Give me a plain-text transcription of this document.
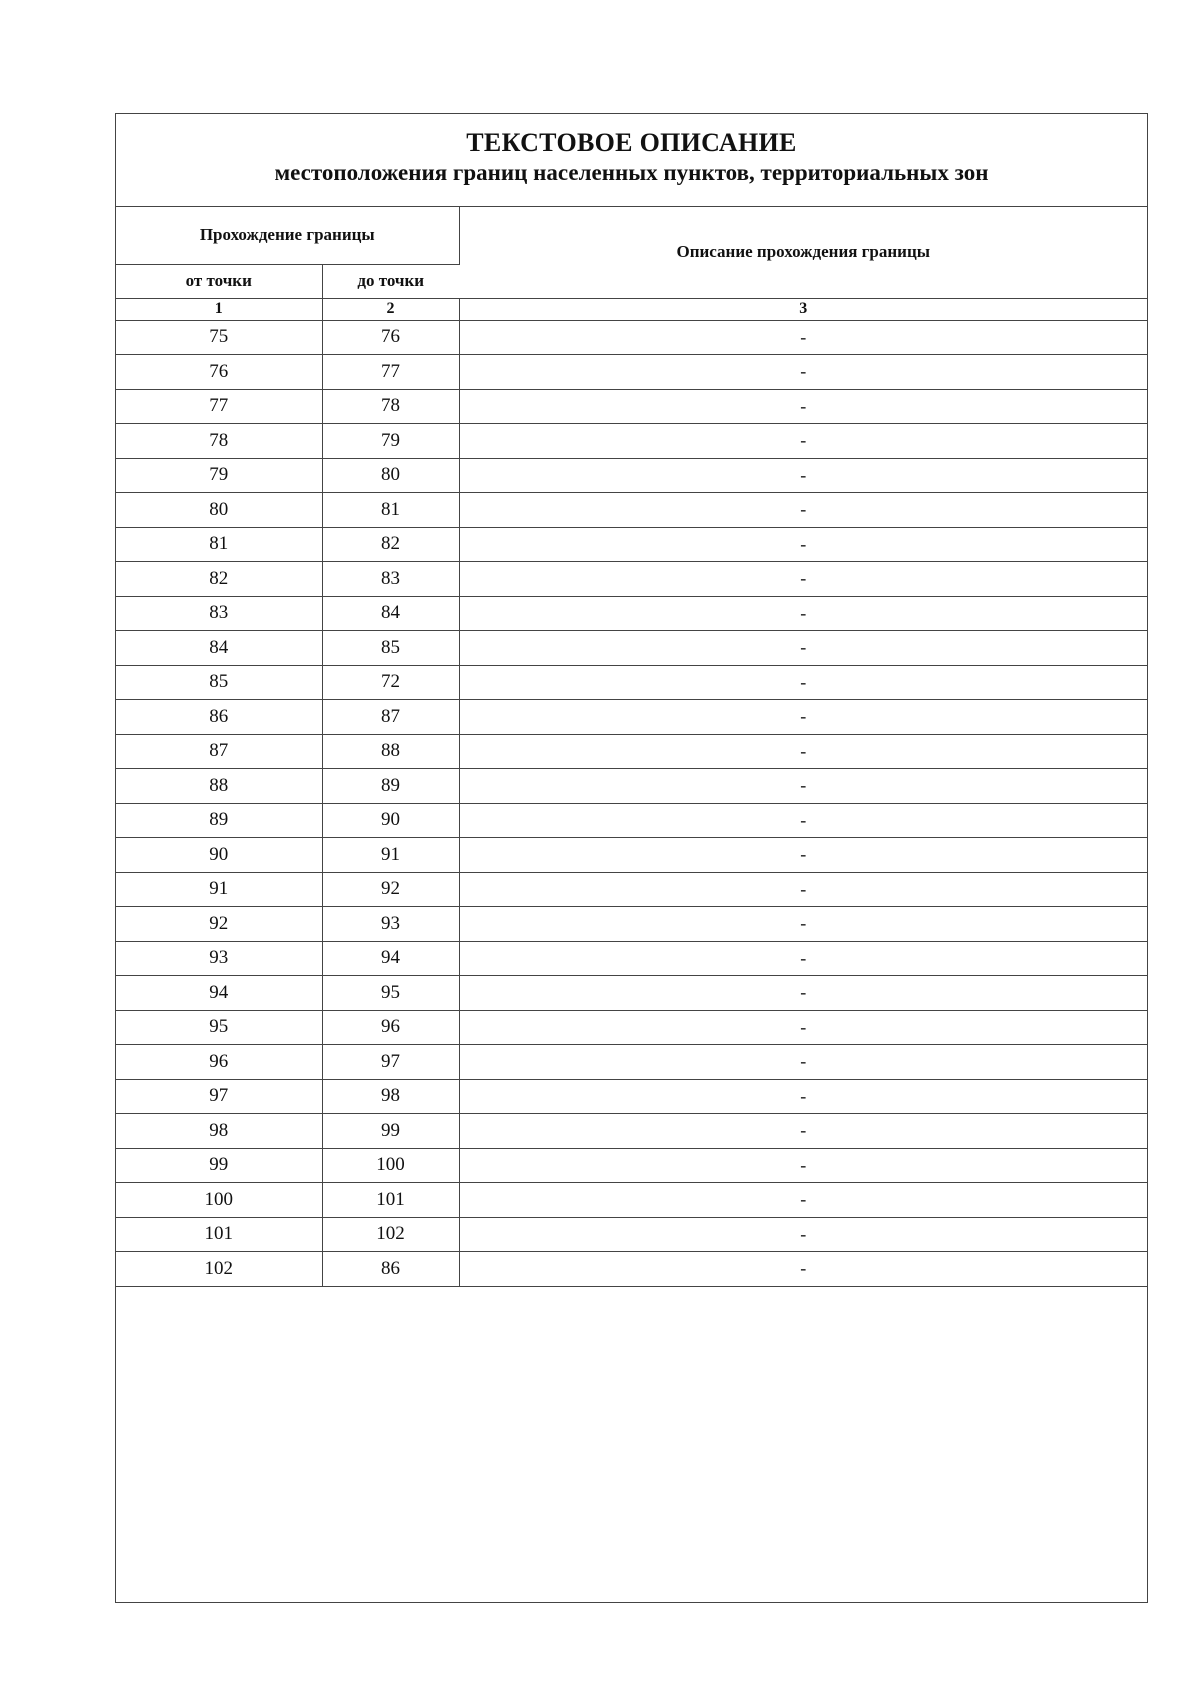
ТЕКСТОВОЕ ОПИСАНИЕ
местоположения границ населенных пунктов, территориальных зон
Прохождение границы		Описание прохождения границы
от точки	до точки	
1	2	3
75	76	-
76	77	-
77	78	-
78	79	-
79	80	-
80	81	-
81	82	-
82	83	-
83	84	-
84	85	-
85	72	-
86	87	-
87	88	-
88	89	-
89	90	-
90	91	-
91	92	-
92	93	-
93	94	-
94	95	-
95	96	-
96	97	-
97	98	-
98	99	-
99	100	-
100	101	-
101	102	-
102	86	-
